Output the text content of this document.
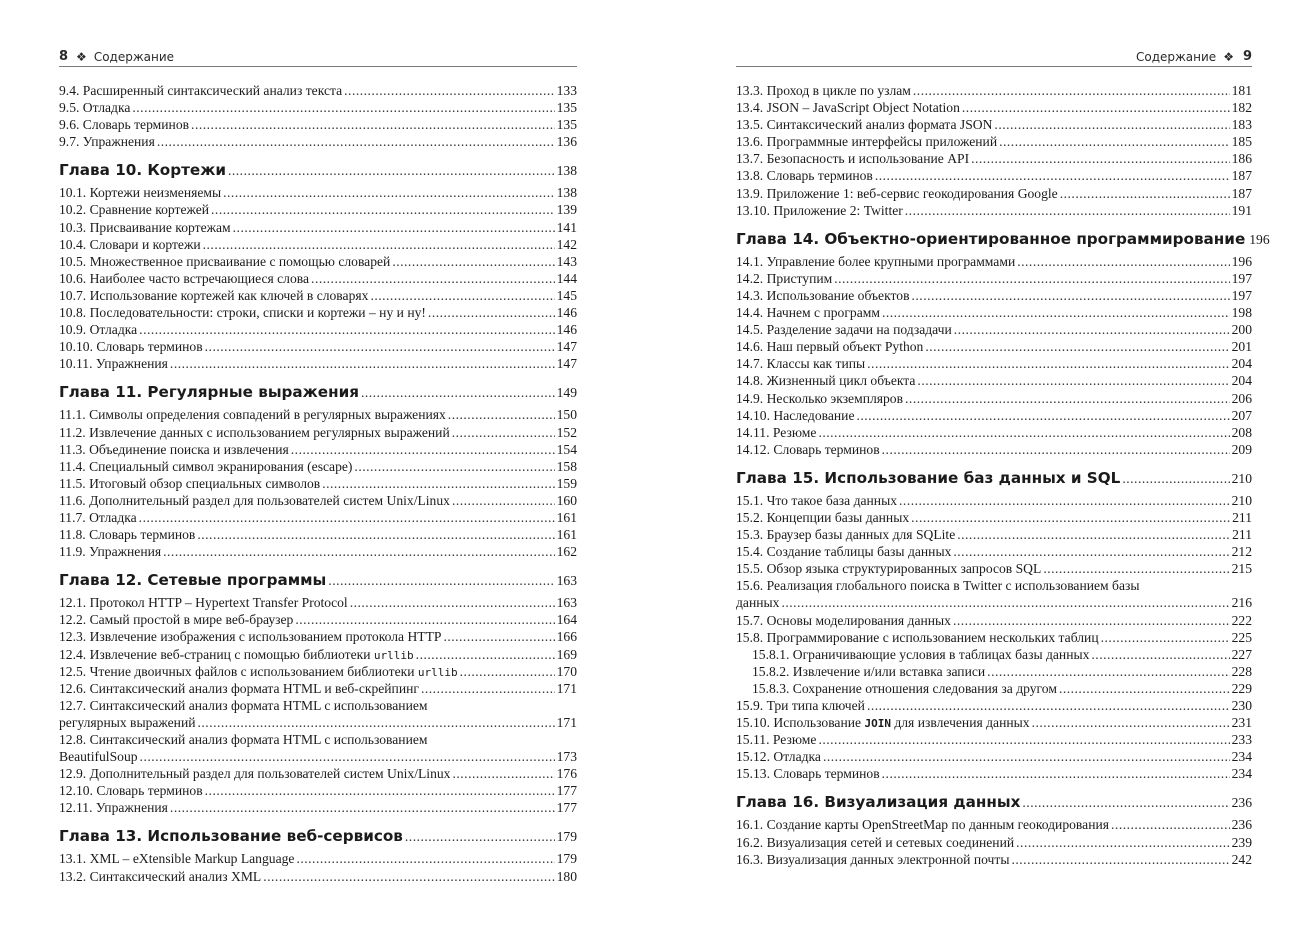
8 ❖ Содержание
9.4. Расширенный синтаксический анализ текста .....	133
9.5. Отладка .....	135
9.6. Словарь терминов .....	135
9.7. Упражнения .....	136
Глава 10. Кортежи .....	138
10.1. Кортежи неизменяемы .....	138
10.2. Сравнение кортежей .....	139
10.3. Присваивание кортежам .....	141
10.4. Словари и кортежи .....	142
10.5. Множественное присваивание с помощью словарей .....	143
10.6. Наиболее часто встречающиеся слова .....	144
10.7. Использование кортежей как ключей в словарях .....	145
10.8. Последовательности: строки, списки и кортежи – ну и ну! .....	146
10.9. Отладка .....	146
10.10. Словарь терминов .....	147
10.11. Упражнения .....	147
Глава 11. Регулярные выражения .....	149
11.1. Символы определения совпадений в регулярных выражениях .....	150
11.2. Извлечение данных с использованием регулярных выражений .....	152
11.3. Объединение поиска и извлечения .....	154
11.4. Специальный символ экранирования (escape) .....	158
11.5. Итоговый обзор специальных символов .....	159
11.6. Дополнительный раздел для пользователей систем Unix/Linux .....	160
11.7. Отладка .....	161
11.8. Словарь терминов .....	161
11.9. Упражнения .....	162
Глава 12. Сетевые программы .....	163
12.1. Протокол HTTP – Hypertext Transfer Protocol .....	163
12.2. Самый простой в мире веб-браузер .....	164
12.3. Извлечение изображения с использованием протокола HTTP .....	166
12.4. Извлечение веб-страниц с помощью библиотеки urllib .....	169
12.5. Чтение двоичных файлов с использованием библиотеки urllib .....	170
12.6. Синтаксический анализ формата HTML и веб-скрейпинг .....	171
12.7. Синтаксический анализ формата HTML с использованием
регулярных выражений .....	171
12.8. Синтаксический анализ формата HTML с использованием
BeautifulSoup .....	173
12.9. Дополнительный раздел для пользователей систем Unix/Linux .....	176
12.10. Словарь терминов .....	177
12.11. Упражнения .....	177
Глава 13. Использование веб-сервисов .....	179
13.1. XML – eXtensible Markup Language .....	179
13.2. Синтаксический анализ XML .....	180
Содержание ❖ 9
13.3. Проход в цикле по узлам .....	181
13.4. JSON – JavaScript Object Notation .....	182
13.5. Синтаксический анализ формата JSON .....	183
13.6. Программные интерфейсы приложений .....	185
13.7. Безопасность и использование API .....	186
13.8. Словарь терминов .....	187
13.9. Приложение 1: веб-сервис геокодирования Google .....	187
13.10. Приложение 2: Twitter .....	191
Глава 14. Объектно-ориентированное программирование 196
14.1. Управление более крупными программами .....	196
14.2. Приступим .....	197
14.3. Использование объектов .....	197
14.4. Начнем с программ .....	198
14.5. Разделение задачи на подзадачи .....	200
14.6. Наш первый объект Python .....	201
14.7. Классы как типы .....	204
14.8. Жизненный цикл объекта .....	204
14.9. Несколько экземпляров .....	206
14.10. Наследование .....	207
14.11. Резюме .....	208
14.12. Словарь терминов .....	209
Глава 15. Использование баз данных и SQL .....	210
15.1. Что такое база данных .....	210
15.2. Концепции базы данных .....	211
15.3. Браузер базы данных для SQLite .....	211
15.4. Создание таблицы базы данных .....	212
15.5. Обзор языка структурированных запросов SQL .....	215
15.6. Реализация глобального поиска в Twitter с использованием базы
данных .....	216
15.7. Основы моделирования данных .....	222
15.8. Программирование с использованием нескольких таблиц .....	225
15.8.1. Ограничивающие условия в таблицах базы данных .....	227
15.8.2. Извлечение и/или вставка записи .....	228
15.8.3. Сохранение отношения следования за другом .....	229
15.9. Три типа ключей .....	230
15.10. Использование JOIN для извлечения данных .....	231
15.11. Резюме .....	233
15.12. Отладка .....	234
15.13. Словарь терминов .....	234
Глава 16. Визуализация данных .....	236
16.1. Создание карты OpenStreetMap по данным геокодирования .....	236
16.2. Визуализация сетей и сетевых соединений .....	239
16.3. Визуализация данных электронной почты .....	242
